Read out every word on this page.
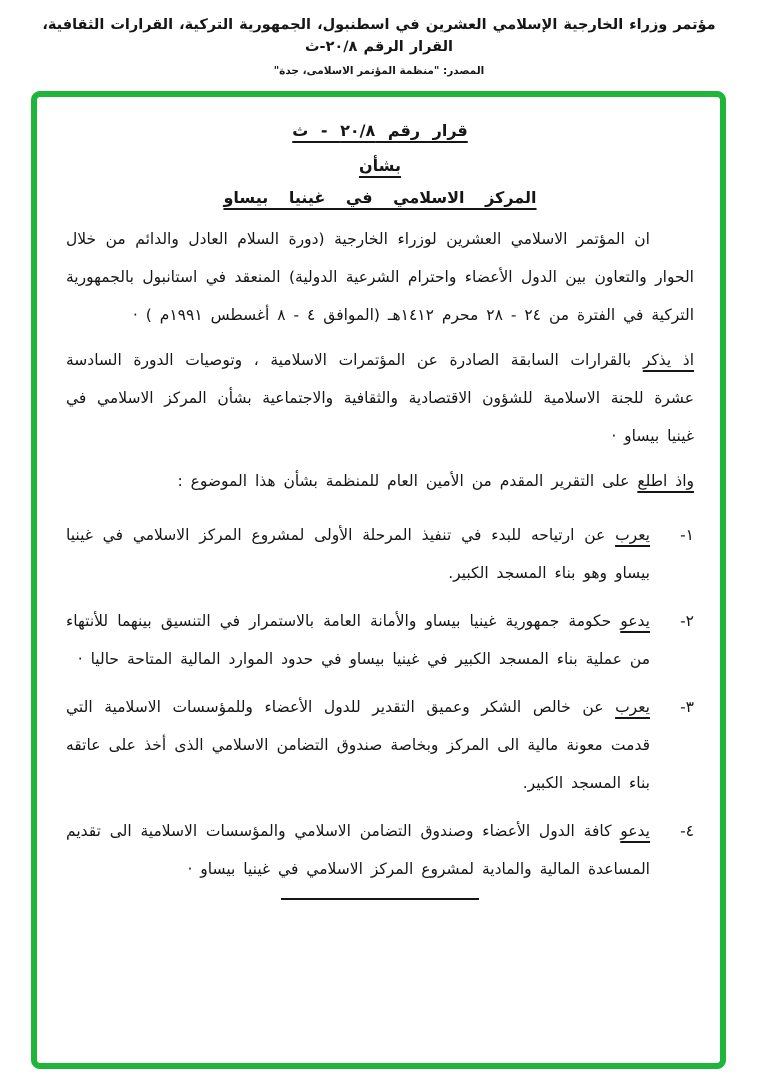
مؤتمر وزراء الخارجية الإسلامي العشرين في اسطنبول، الجمهورية التركية، القرارات الثقافية، القرار الرقم ٢٠/٨-ث
المصدر: "منظمة المؤتمر الاسلامى، جدة"
قرار رقم ٢٠/٨ - ث
بشأن
المركز الاسلامي في غينيا بيساو

ان المؤتمر الاسلامي العشرين لوزراء الخارجية (دورة السلام العادل والدائم من خلال الحوار والتعاون بين الدول الأعضاء واحترام الشرعية الدولية) المنعقد في استانبول بالجمهورية التركية في الفترة من ٢٤ - ٢٨ محرم ١٤١٢هـ (الموافق ٤ - ٨ أغسطس ١٩٩١م ) ·

اذ يذكر بالقرارات السابقة الصادرة عن المؤتمرات الاسلامية ، وتوصيات الدورة السادسة عشرة للجنة الاسلامية للشؤون الاقتصادية والثقافية والاجتماعية بشأن المركز الاسلامي في غينيا بيساو ·

واذ اطلع على التقرير المقدم من الأمين العام للمنظمة بشأن هذا الموضوع :

١-

يعرب عن ارتياحه للبدء في تنفيذ المرحلة الأولى لمشروع المركز الاسلامي في غينيا بيساو وهو بناء المسجد الكبير.

٢-

يدعو حكومة جمهورية غينيا بيساو والأمانة العامة بالاستمرار في التنسيق بينهما للأنتهاء من عملية بناء المسجد الكبير في غينيا بيساو في حدود الموارد المالية المتاحة حاليا ·

٣-

يعرب عن خالص الشكر وعميق التقدير للدول الأعضاء وللمؤسسات الاسلامية التي قدمت معونة مالية الى المركز وبخاصة صندوق التضامن الاسلامي الذى أخذ على عاتقه بناء المسجد الكبير.

٤-

يدعو كافة الدول الأعضاء وصندوق التضامن الاسلامي والمؤسسات الاسلامية الى تقديم المساعدة المالية والمادية لمشروع المركز الاسلامي في غينيا بيساو ·
